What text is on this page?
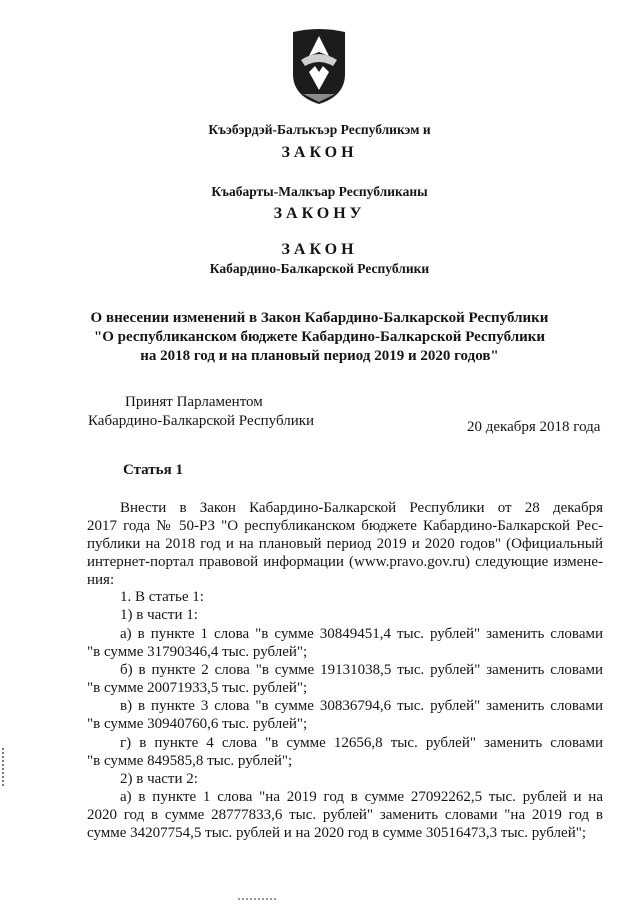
Къэбэрдэй-Балъкъэр Республикэм и
ЗАКОН
Къабарты-Малкъар Республиканы
ЗАКОНУ
ЗАКОН
Кабардино-Балкарской Республики
О внесении изменений в Закон Кабардино-Балкарской Республики
"О республиканском бюджете Кабардино-Балкарской Республики
на 2018 год и на плановый период 2019 и 2020 годов"
Принят Парламентом
Кабардино-Балкарской Республики	20 декабря 2018 года
Статья 1
Внести в Закон Кабардино-Балкарской Республики от 28 декабря
2017 года № 50-РЗ "О республиканском бюджете Кабардино-Балкарской Рес-
публики на 2018 год и на плановый период 2019 и 2020 годов" (Официальный
интернет-портал правовой информации (www.pravo.gov.ru) следующие измене-
ния:
1. В статье 1:
1) в части 1:
а) в пункте 1 слова "в сумме 30849451,4 тыс. рублей" заменить словами
"в сумме 31790346,4 тыс. рублей";
б) в пункте 2 слова "в сумме 19131038,5 тыс. рублей" заменить словами
"в сумме 20071933,5 тыс. рублей";
в) в пункте 3 слова "в сумме 30836794,6 тыс. рублей" заменить словами
"в сумме 30940760,6 тыс. рублей";
г) в пункте 4 слова "в сумме 12656,8 тыс. рублей" заменить словами
"в сумме 849585,8 тыс. рублей";
2) в части 2:
а) в пункте 1 слова "на 2019 год в сумме 27092262,5 тыс. рублей и на
2020 год в сумме 28777833,6 тыс. рублей" заменить словами "на 2019 год в
сумме 34207754,5 тыс. рублей и на 2020 год в сумме 30516473,3 тыс. рублей";
